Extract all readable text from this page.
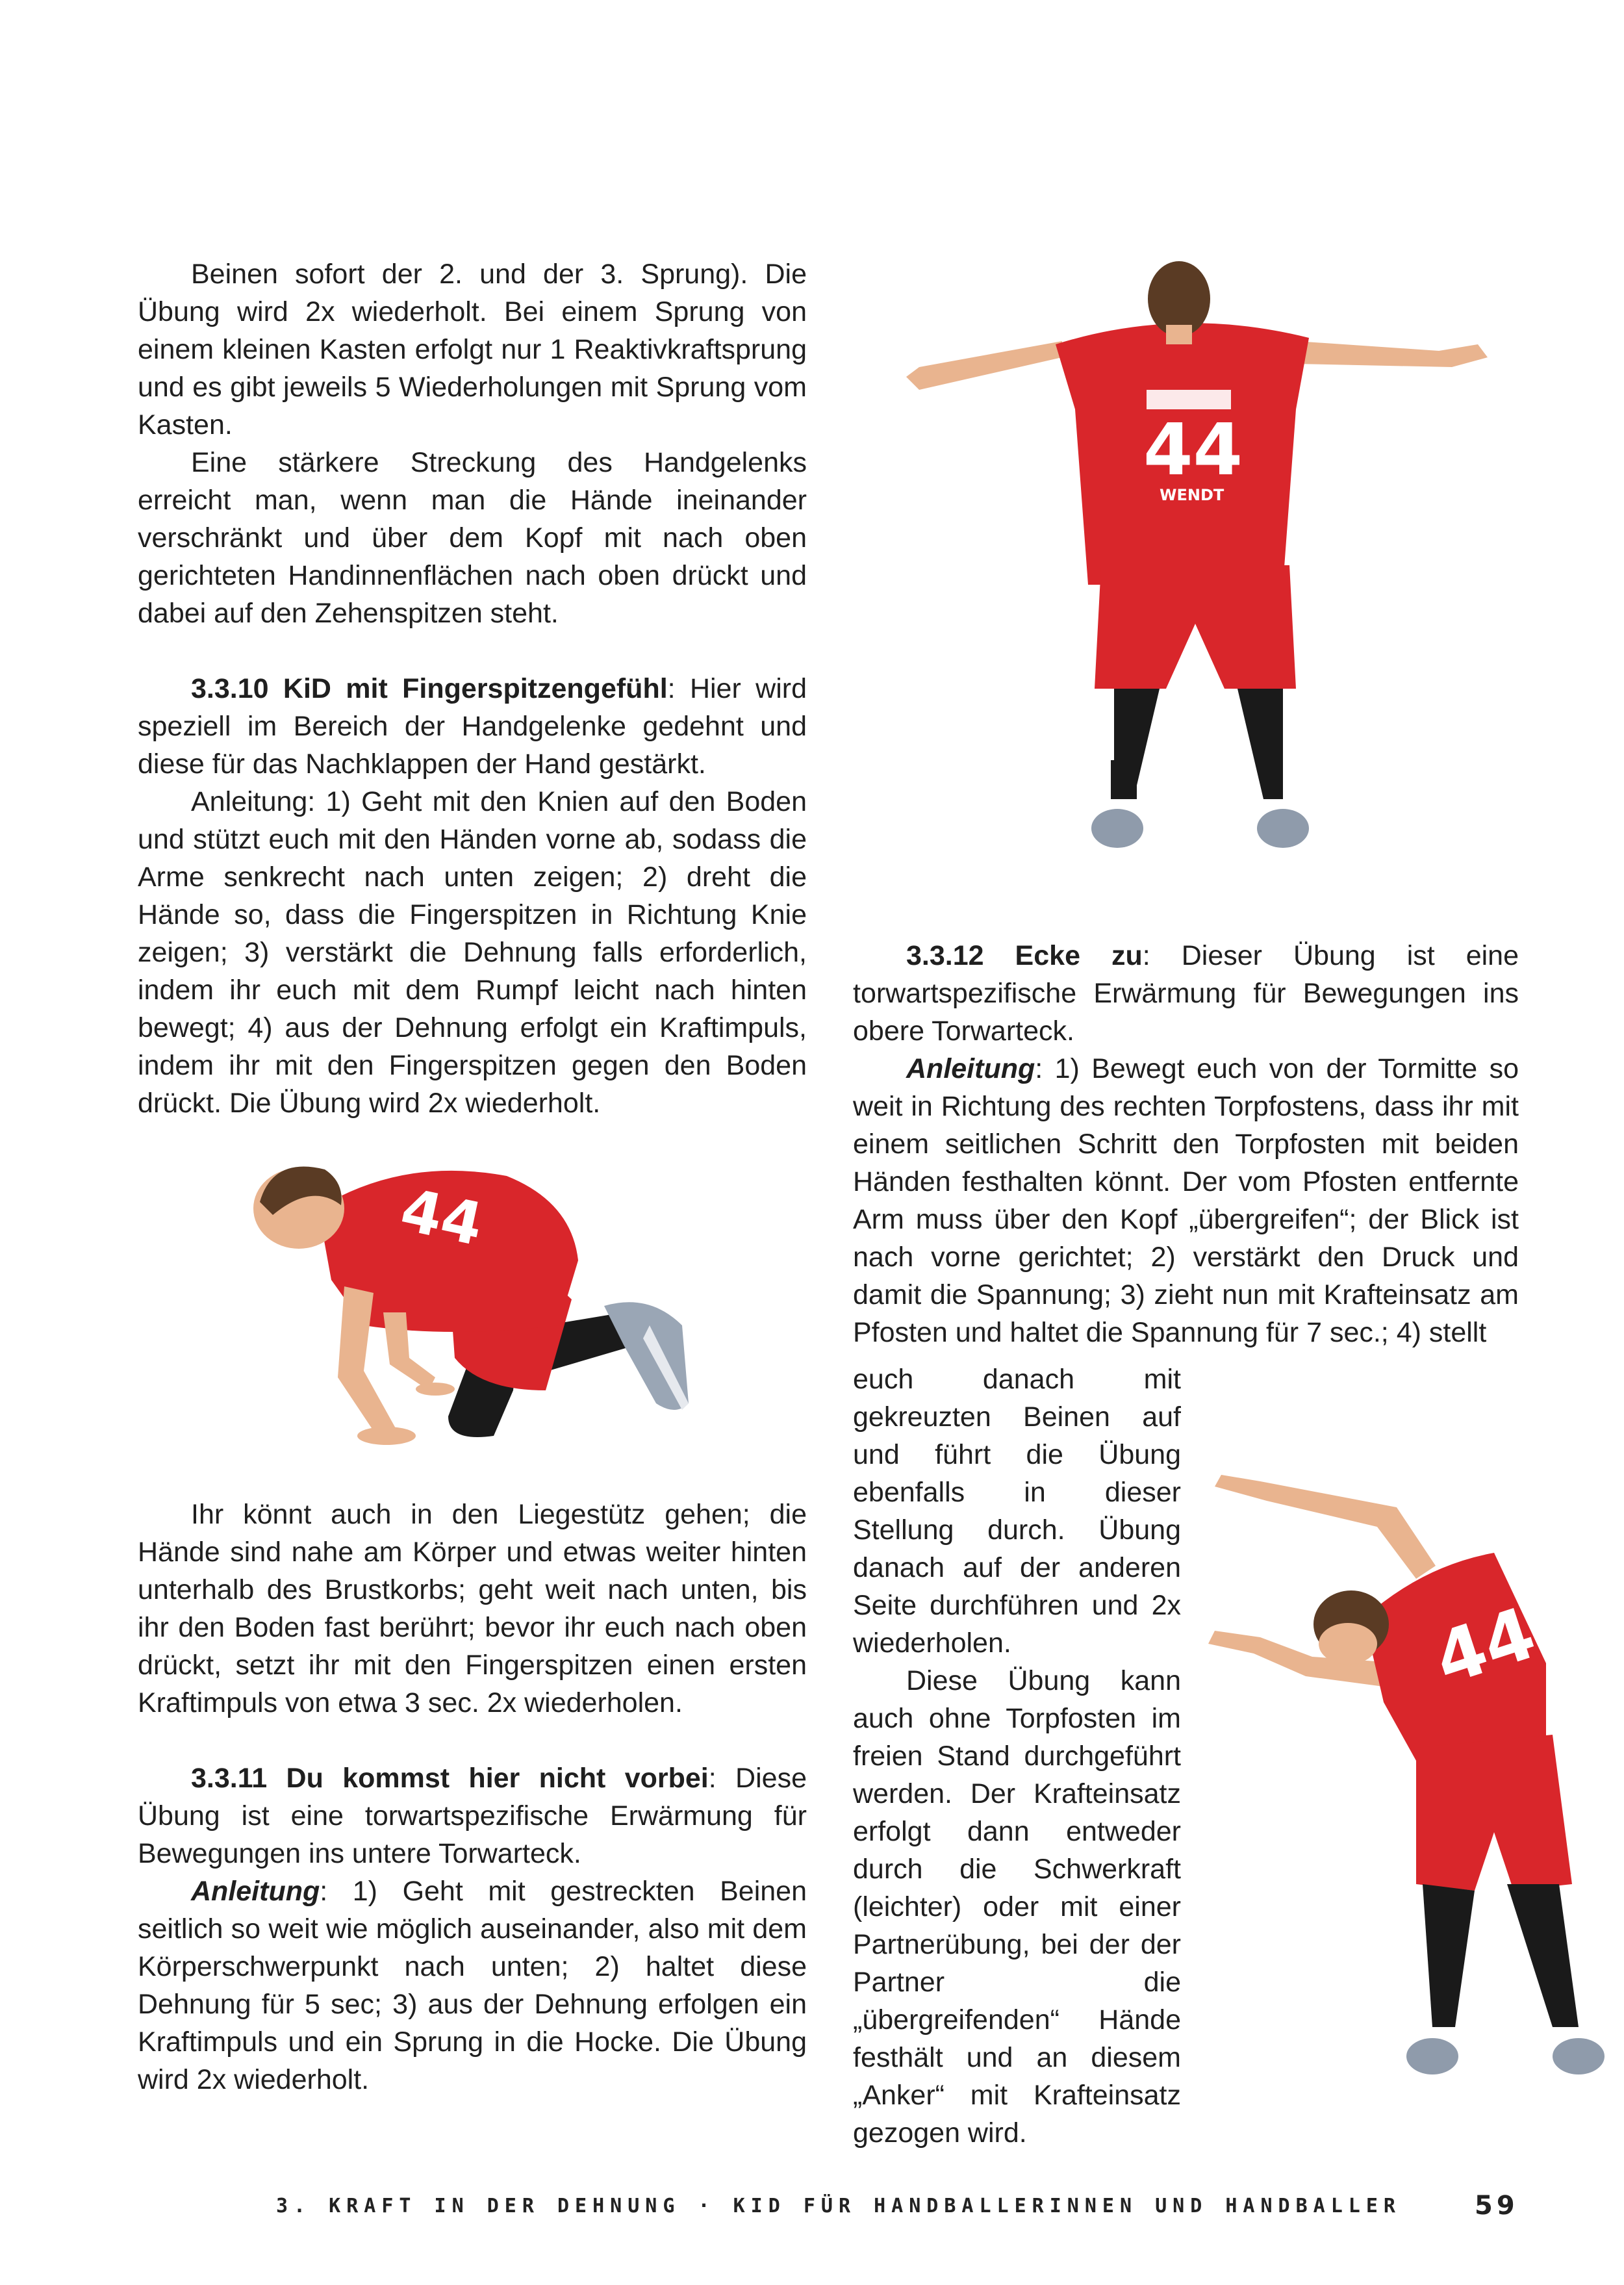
Beinen sofort der 2. und der 3. Sprung). Die Übung wird 2x wiederholt. Bei einem Sprung von einem kleinen Kasten erfolgt nur 1 Reaktivkraftsprung und es gibt jeweils 5 Wiederholungen mit Sprung vom Kasten.

Eine stärkere Streckung des Handgelenks erreicht man, wenn man die Hände ineinander verschränkt und über dem Kopf mit nach oben gerichteten Handinnenflächen nach oben drückt und dabei auf den Zehenspitzen steht.

3.3.10 KiD mit Fingerspitzengefühl: Hier wird speziell im Bereich der Handgelenke gedehnt und diese für das Nachklappen der Hand gestärkt.

Anleitung: 1) Geht mit den Knien auf den Boden und stützt euch mit den Händen vorne ab, sodass die Arme senkrecht nach unten zeigen; 2) dreht die Hände so, dass die Fingerspitzen in Richtung Knie zeigen; 3) verstärkt die Dehnung falls erforderlich, indem ihr euch mit dem Rumpf leicht nach hinten bewegt; 4) aus der Dehnung erfolgt ein Kraftimpuls, indem ihr mit den Fingerspitzen gegen den Boden drückt. Die Übung wird 2x wiederholt.

44

Ihr könnt auch in den Liegestütz gehen; die Hände sind nahe am Körper und etwas weiter hinten unterhalb des Brustkorbs; geht weit nach unten, bis ihr den Boden fast berührt; bevor ihr euch nach oben drückt, setzt ihr mit den Fingerspitzen einen ersten Kraftimpuls von etwa 3 sec. 2x wiederholen.

3.3.11 Du kommst hier nicht vorbei: Diese Übung ist eine torwartspezifische Erwärmung für Bewegungen ins untere Torwarteck.

Anleitung: 1) Geht mit gestreckten Beinen seitlich so weit wie möglich auseinander, also mit dem Körperschwerpunkt nach unten; 2) haltet diese Dehnung für 5 sec; 3) aus der Dehnung erfolgen ein Kraftimpuls und ein Sprung in die Hocke. Die Übung wird 2x wiederholt.

44
WENDT

3.3.12 Ecke zu: Dieser Übung ist eine torwartspezifische Erwärmung für Bewegungen ins obere Torwarteck.

Anleitung: 1) Bewegt euch von der Tormitte so weit in Richtung des rechten Torpfostens, dass ihr mit einem seitlichen Schritt den Torpfosten mit beiden Händen festhalten könnt. Der vom Pfosten entfernte Arm muss über den Kopf „übergreifen“; der Blick ist nach vorne gerichtet; 2) verstärkt den Druck und damit die Spannung; 3) zieht nun mit Krafteinsatz am Pfosten und haltet die Spannung für 7 sec.; 4) stellt

euch danach mit gekreuzten Beinen auf und führt die Übung ebenfalls in dieser Stellung durch. Übung danach auf der anderen Seite durchführen und 2x wiederholen.

Diese Übung kann auch ohne Torpfosten im freien Stand durchgeführt werden. Der Krafteinsatz erfolgt dann entweder durch die Schwerkraft (leichter) oder mit einer Partnerübung, bei der der Partner die „übergreifenden“ Hände festhält und an diesem „Anker“ mit Krafteinsatz gezogen wird.

44
3. KRAFT IN DER DEHNUNG · KID FÜR HANDBALLERINNEN UND HANDBALLER	59
